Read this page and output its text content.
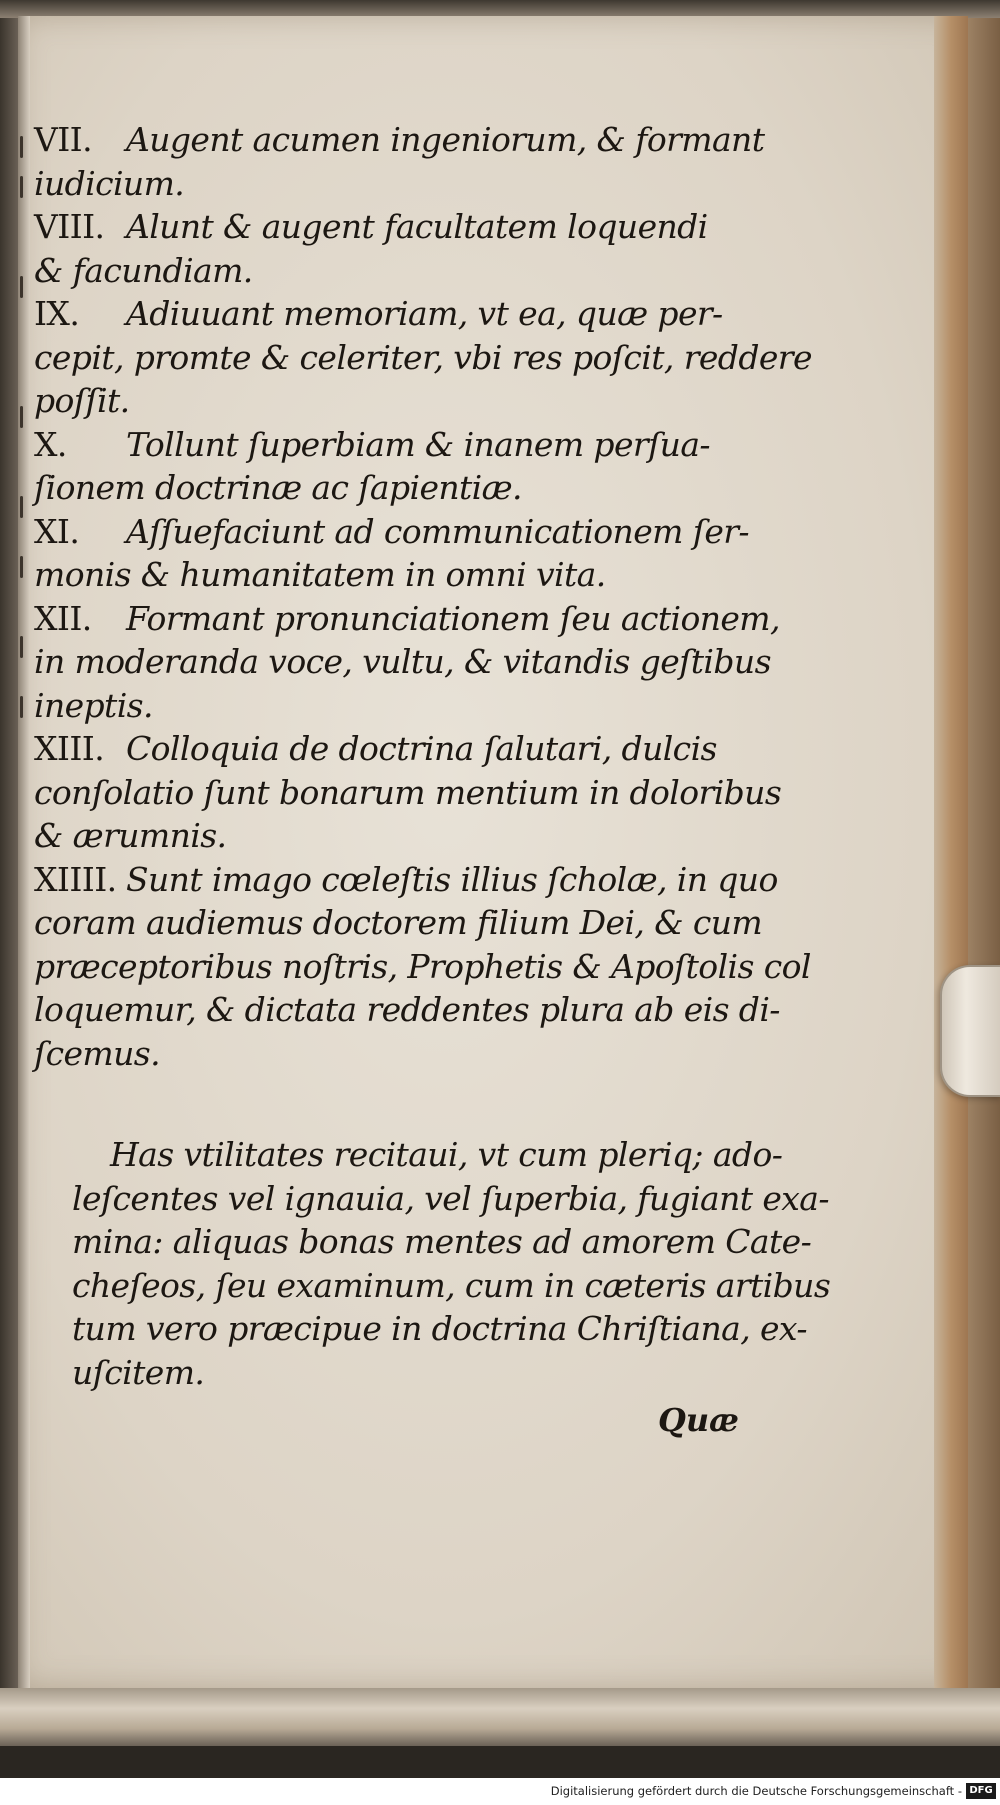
VII. Augent acumen ingeniorum, & formant
iudicium.
VIII. Alunt & augent facultatem loquendi
& facundiam.
IX. Adiuuant memoriam, vt ea, quæ per-
cepit, promte & celeriter, vbi res poſcit, reddere
poſſit.
X. Tollunt ſuperbiam & inanem perſua-
ſionem doctrinæ ac ſapientiæ.
XI. Aſſuefaciunt ad communicationem ſer-
monis & humanitatem in omni vita.
XII. Formant pronunciationem ſeu actionem,
in moderanda voce, vultu, & vitandis geſtibus
ineptis.
XIII. Colloquia de doctrina ſalutari, dulcis
conſolatio ſunt bonarum mentium in doloribus
& ærumnis.
XIIII. Sunt imago cœleſtis illius ſcholæ, in quo
coram audiemus doctorem filium Dei, & cum
præceptoribus noſtris, Prophetis & Apoſtolis col
loquemur, & dictata reddentes plura ab eis di-
ſcemus.
Has vtilitates recitaui, vt cum pleriq; ado-
leſcentes vel ignauia, vel ſuperbia, fugiant exa-
mina: aliquas bonas mentes ad amorem Cate-
cheſeos, ſeu examinum, cum in cæteris artibus
tum vero præcipue in doctrina Chriſtiana, ex-
uſcitem.
Quæ
Digitalisierung gefördert durch die Deutsche Forschungsgemeinschaft - DFG
